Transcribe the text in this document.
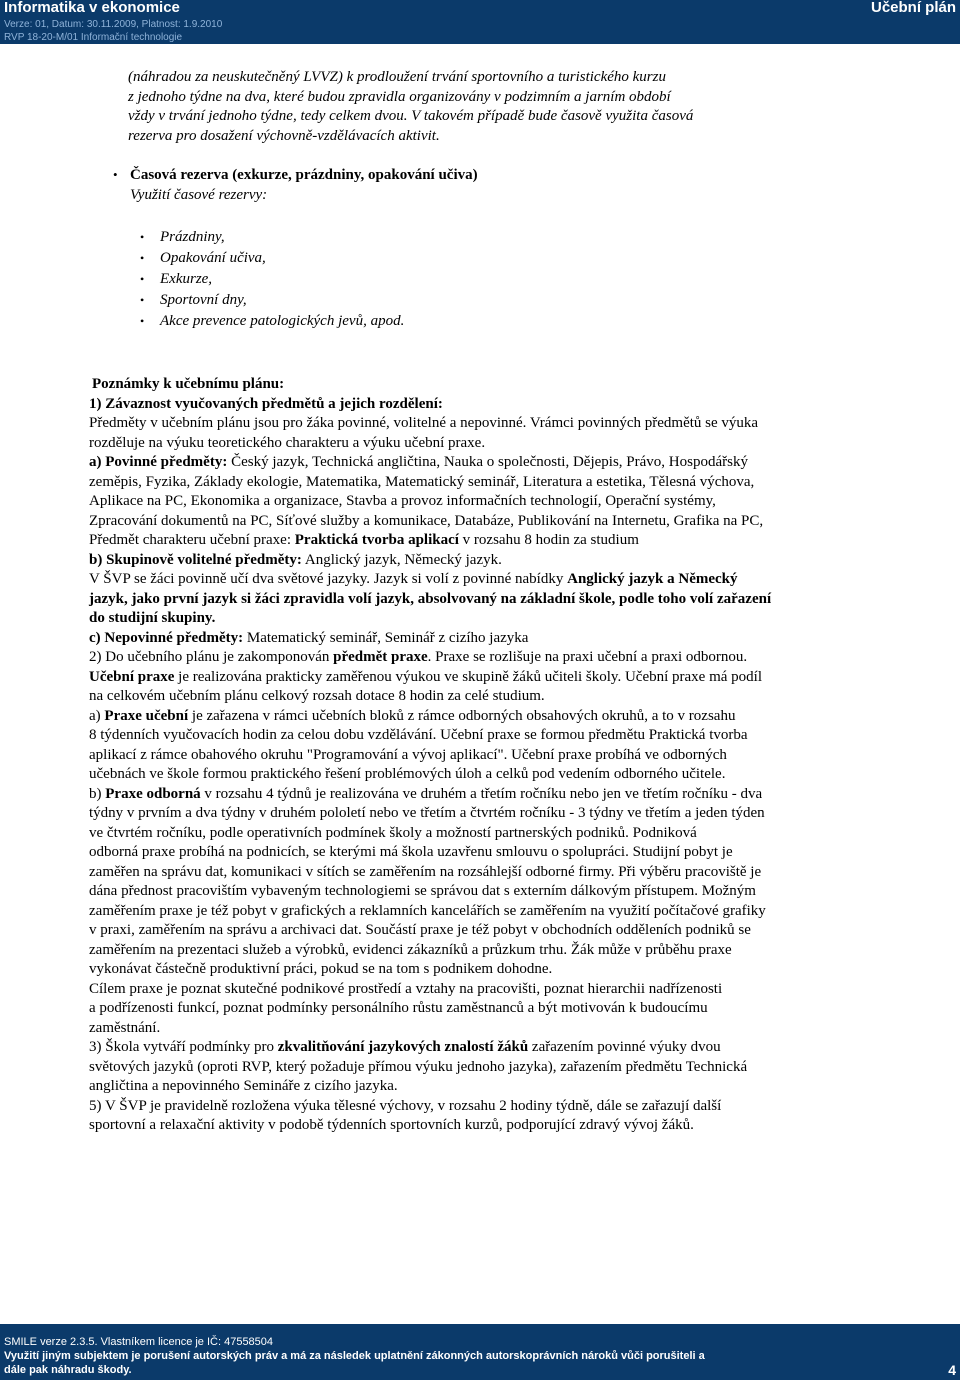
Informatika v ekonomice	Učební plán
Verze: 01, Datum: 30.11.2009, Platnost: 1.9.2010
RVP 18-20-M/01 Informační technologie

(náhradou za neuskutečněný LVVZ) k prodloužení trvání sportovního a turistického kurzu

z jednoho týdne na dva, které budou zpravidla organizovány v podzimním a jarním období

vždy v trvání jednoho týdne, tedy celkem dvou. V takovém případě bude časově využita časová

rezerva pro dosažení výchovně-vzdělávacích aktivit.

• Časová rezerva (exkurze, prázdniny, opakování učiva)
Využití časové rezervy:
• Prázdniny,
• Opakování učiva,
• Exkurze,
• Sportovní dny,
• Akce prevence patologických jevů, apod.

Poznámky k učebnímu plánu:

1) Závaznost vyučovaných předmětů a jejich rozdělení:

Předměty v učebním plánu jsou pro žáka povinné, volitelné a nepovinné. Vrámci povinných předmětů se výuka

rozděluje na výuku teoretického charakteru a výuku učební praxe.

a) Povinné předměty: Český jazyk, Technická angličtina, Nauka o společnosti, Dějepis, Právo, Hospodářský

zeměpis, Fyzika, Základy ekologie, Matematika, Matematický seminář, Literatura a estetika, Tělesná výchova,

Aplikace na PC, Ekonomika a organizace, Stavba a provoz informačních technologií, Operační systémy,

Zpracování dokumentů na PC, Síťové služby a komunikace, Databáze, Publikování na Internetu, Grafika na PC,

Předmět charakteru učební praxe: Praktická tvorba aplikací v rozsahu 8 hodin za studium

b) Skupinově volitelné předměty: Anglický jazyk, Německý jazyk.

V ŠVP se žáci povinně učí dva světové jazyky. Jazyk si volí z povinné nabídky Anglický jazyk a Německý

jazyk, jako první jazyk si žáci zpravidla volí jazyk, absolvovaný na základní škole, podle toho volí zařazení

do studijní skupiny.

c) Nepovinné předměty: Matematický seminář, Seminář z cizího jazyka

2) Do učebního plánu je zakomponován předmět praxe. Praxe se rozlišuje na praxi učební a praxi odbornou.

Učební praxe je realizována prakticky zaměřenou výukou ve skupině žáků učiteli školy. Učební praxe má podíl

na celkovém učebním plánu celkový rozsah dotace 8 hodin za celé studium.

a) Praxe učební je zařazena v rámci učebních bloků z rámce odborných obsahových okruhů, a to v rozsahu

8 týdenních vyučovacích hodin za celou dobu vzdělávání. Učební praxe se formou předmětu Praktická tvorba

aplikací z rámce obahového okruhu "Programování a vývoj aplikací". Učební praxe probíhá ve odborných

učebnách ve škole formou praktického řešení problémových úloh a celků pod vedením odborného učitele.

b) Praxe odborná v rozsahu 4 týdnů je realizována ve druhém a třetím ročníku nebo jen ve třetím ročníku - dva

týdny v prvním a dva týdny v druhém pololetí nebo ve třetím a čtvrtém ročníku - 3 týdny ve třetím a jeden týden

ve čtvrtém ročníku, podle operativních podmínek školy a možností partnerských podniků. Podniková

odborná praxe probíhá na podnicích, se kterými má škola uzavřenu smlouvu o spolupráci. Studijní pobyt je

zaměřen na správu dat, komunikaci v sítích se zaměřením na rozsáhlejší odborné firmy. Při výběru pracoviště je

dána přednost pracovištím vybaveným technologiemi se správou dat s externím dálkovým přístupem. Možným

zaměřením praxe je též pobyt v grafických a reklamních kancelářích se zaměřením na využití počítačové grafiky

v praxi, zaměřením na správu a archivaci dat. Součástí praxe je též pobyt v obchodních odděleních podniků se

zaměřením na prezentaci služeb a výrobků, evidenci zákazníků a průzkum trhu. Žák může v průběhu praxe

vykonávat částečně produktivní práci, pokud se na tom s podnikem dohodne.

Cílem praxe je poznat skutečné podnikové prostředí a vztahy na pracovišti, poznat hierarchii nadřízenosti

a podřízenosti funkcí, poznat podmínky personálního růstu zaměstnanců a být motivován k budoucímu

zaměstnání.

3) Škola vytváří podmínky pro zkvalitňování jazykových znalostí žáků zařazením povinné výuky dvou

světových jazyků (oproti RVP, který požaduje přímou výuku jednoho jazyka), zařazením předmětu Technická

angličtina a nepovinného Semináře z cizího jazyka.

5) V ŠVP je pravidelně rozložena výuka tělesné výchovy, v rozsahu 2 hodiny týdně, dále se zařazují další

sportovní a relaxační aktivity v podobě týdenních sportovních kurzů, podporující zdravý vývoj žáků.

SMILE verze 2.3.5. Vlastníkem licence je IČ: 47558504
Využití jiným subjektem je porušení autorských práv a má za následek uplatnění zákonných autorskoprávních nároků vůči porušiteli a
dále pak náhradu škody.	4
